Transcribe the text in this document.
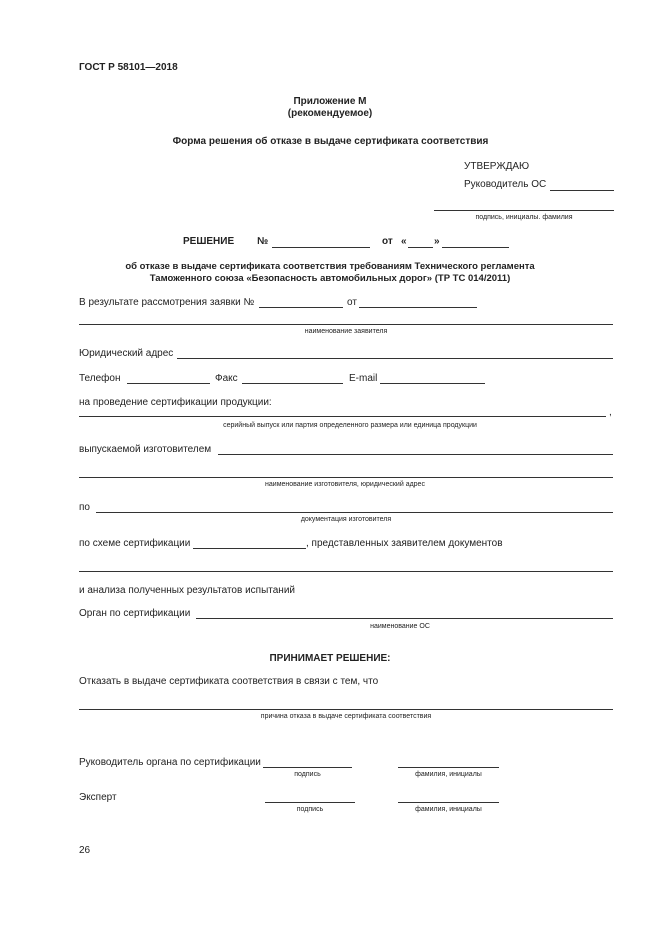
ГОСТ Р 58101—2018
Приложение М
(рекомендуемое)
Форма решения об отказе в выдаче сертификата соответствия
УТВЕРЖДАЮ
Руководитель ОС
подпись, инициалы. фамилия
РЕШЕНИЕ №	от «	»
об отказе в выдаче сертификата соответствия требованиям Технического регламента
Таможенного союза «Безопасность автомобильных дорог» (ТР ТС 014/2011)
В результате рассмотрения заявки №	от
наименование заявителя
Юридический адрес
Телефон	Факс	E-mail
на проведение сертификации продукции:
,
серийный выпуск или партия определенного размера или единица продукции
выпускаемой изготовителем
наименование изготовителя, юридический адрес
по
документация изготовителя
по схеме сертификации	, представленных заявителем документов
и анализа полученных результатов испытаний
Орган по сертификации
наименование ОС
ПРИНИМАЕТ РЕШЕНИЕ:
Отказать в выдаче сертификата соответствия в связи с тем, что
причина отказа в выдаче сертификата соответствия
Руководитель органа по сертификации
подпись	фамилия, инициалы
Эксперт
подпись	фамилия, инициалы
26
